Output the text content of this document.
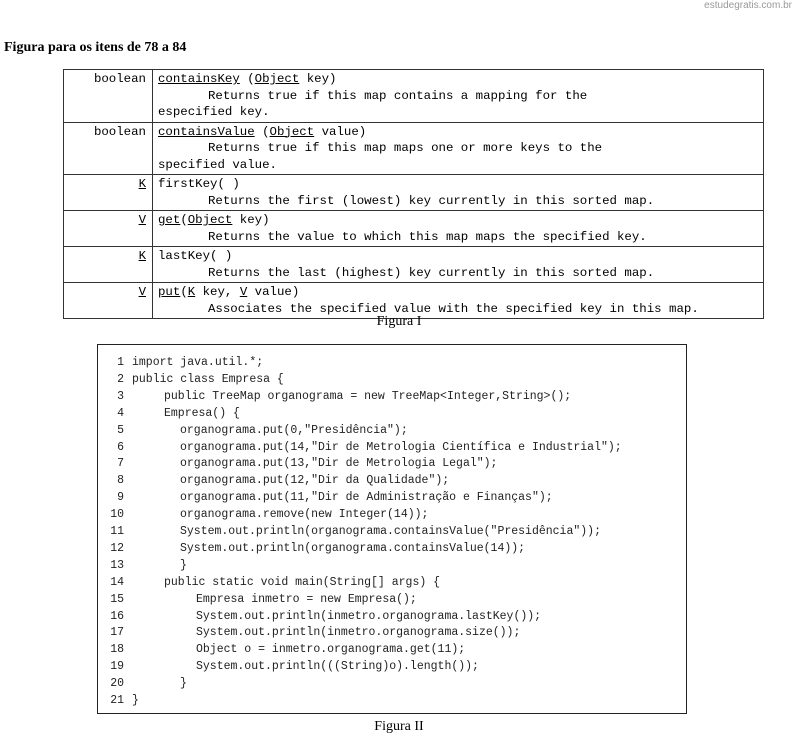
estudegratis.com.br
Figura para os itens de 78 a 84
boolean	containsKey (Object key)
Returns true if this map contains a mapping for the
especified key.

boolean	containsValue (Object value)
Returns true if this map maps one or more keys to the
specified value.

K	firstKey( )
Returns the first (lowest) key currently in this sorted map.

V	get(Object key)
Returns the value to which this map maps the specified key.

K	lastKey( )
Returns the last (highest) key currently in this sorted map.

V	put(K key, V value)
Associates the specified value with the specified key in this map.
Figura I
1 import java.util.*;
2 public class Empresa {
3	public TreeMap organograma = new TreeMap<Integer,String>();
4	Empresa() {
5	organograma.put(0,"Presidência");
6	organograma.put(14,"Dir de Metrologia Científica e Industrial");
7	organograma.put(13,"Dir de Metrologia Legal");
8	organograma.put(12,"Dir da Qualidade");
9	organograma.put(11,"Dir de Administração e Finanças");
10	organograma.remove(new Integer(14));
11	System.out.println(organograma.containsValue("Presidência"));
12	System.out.println(organograma.containsValue(14));
13	}
14	public static void main(String[] args) {
15	Empresa inmetro = new Empresa();
16	System.out.println(inmetro.organograma.lastKey());
17	System.out.println(inmetro.organograma.size());
18	Object o = inmetro.organograma.get(11);
19	System.out.println(((String)o).length());
20	}
21 }
Figura II
